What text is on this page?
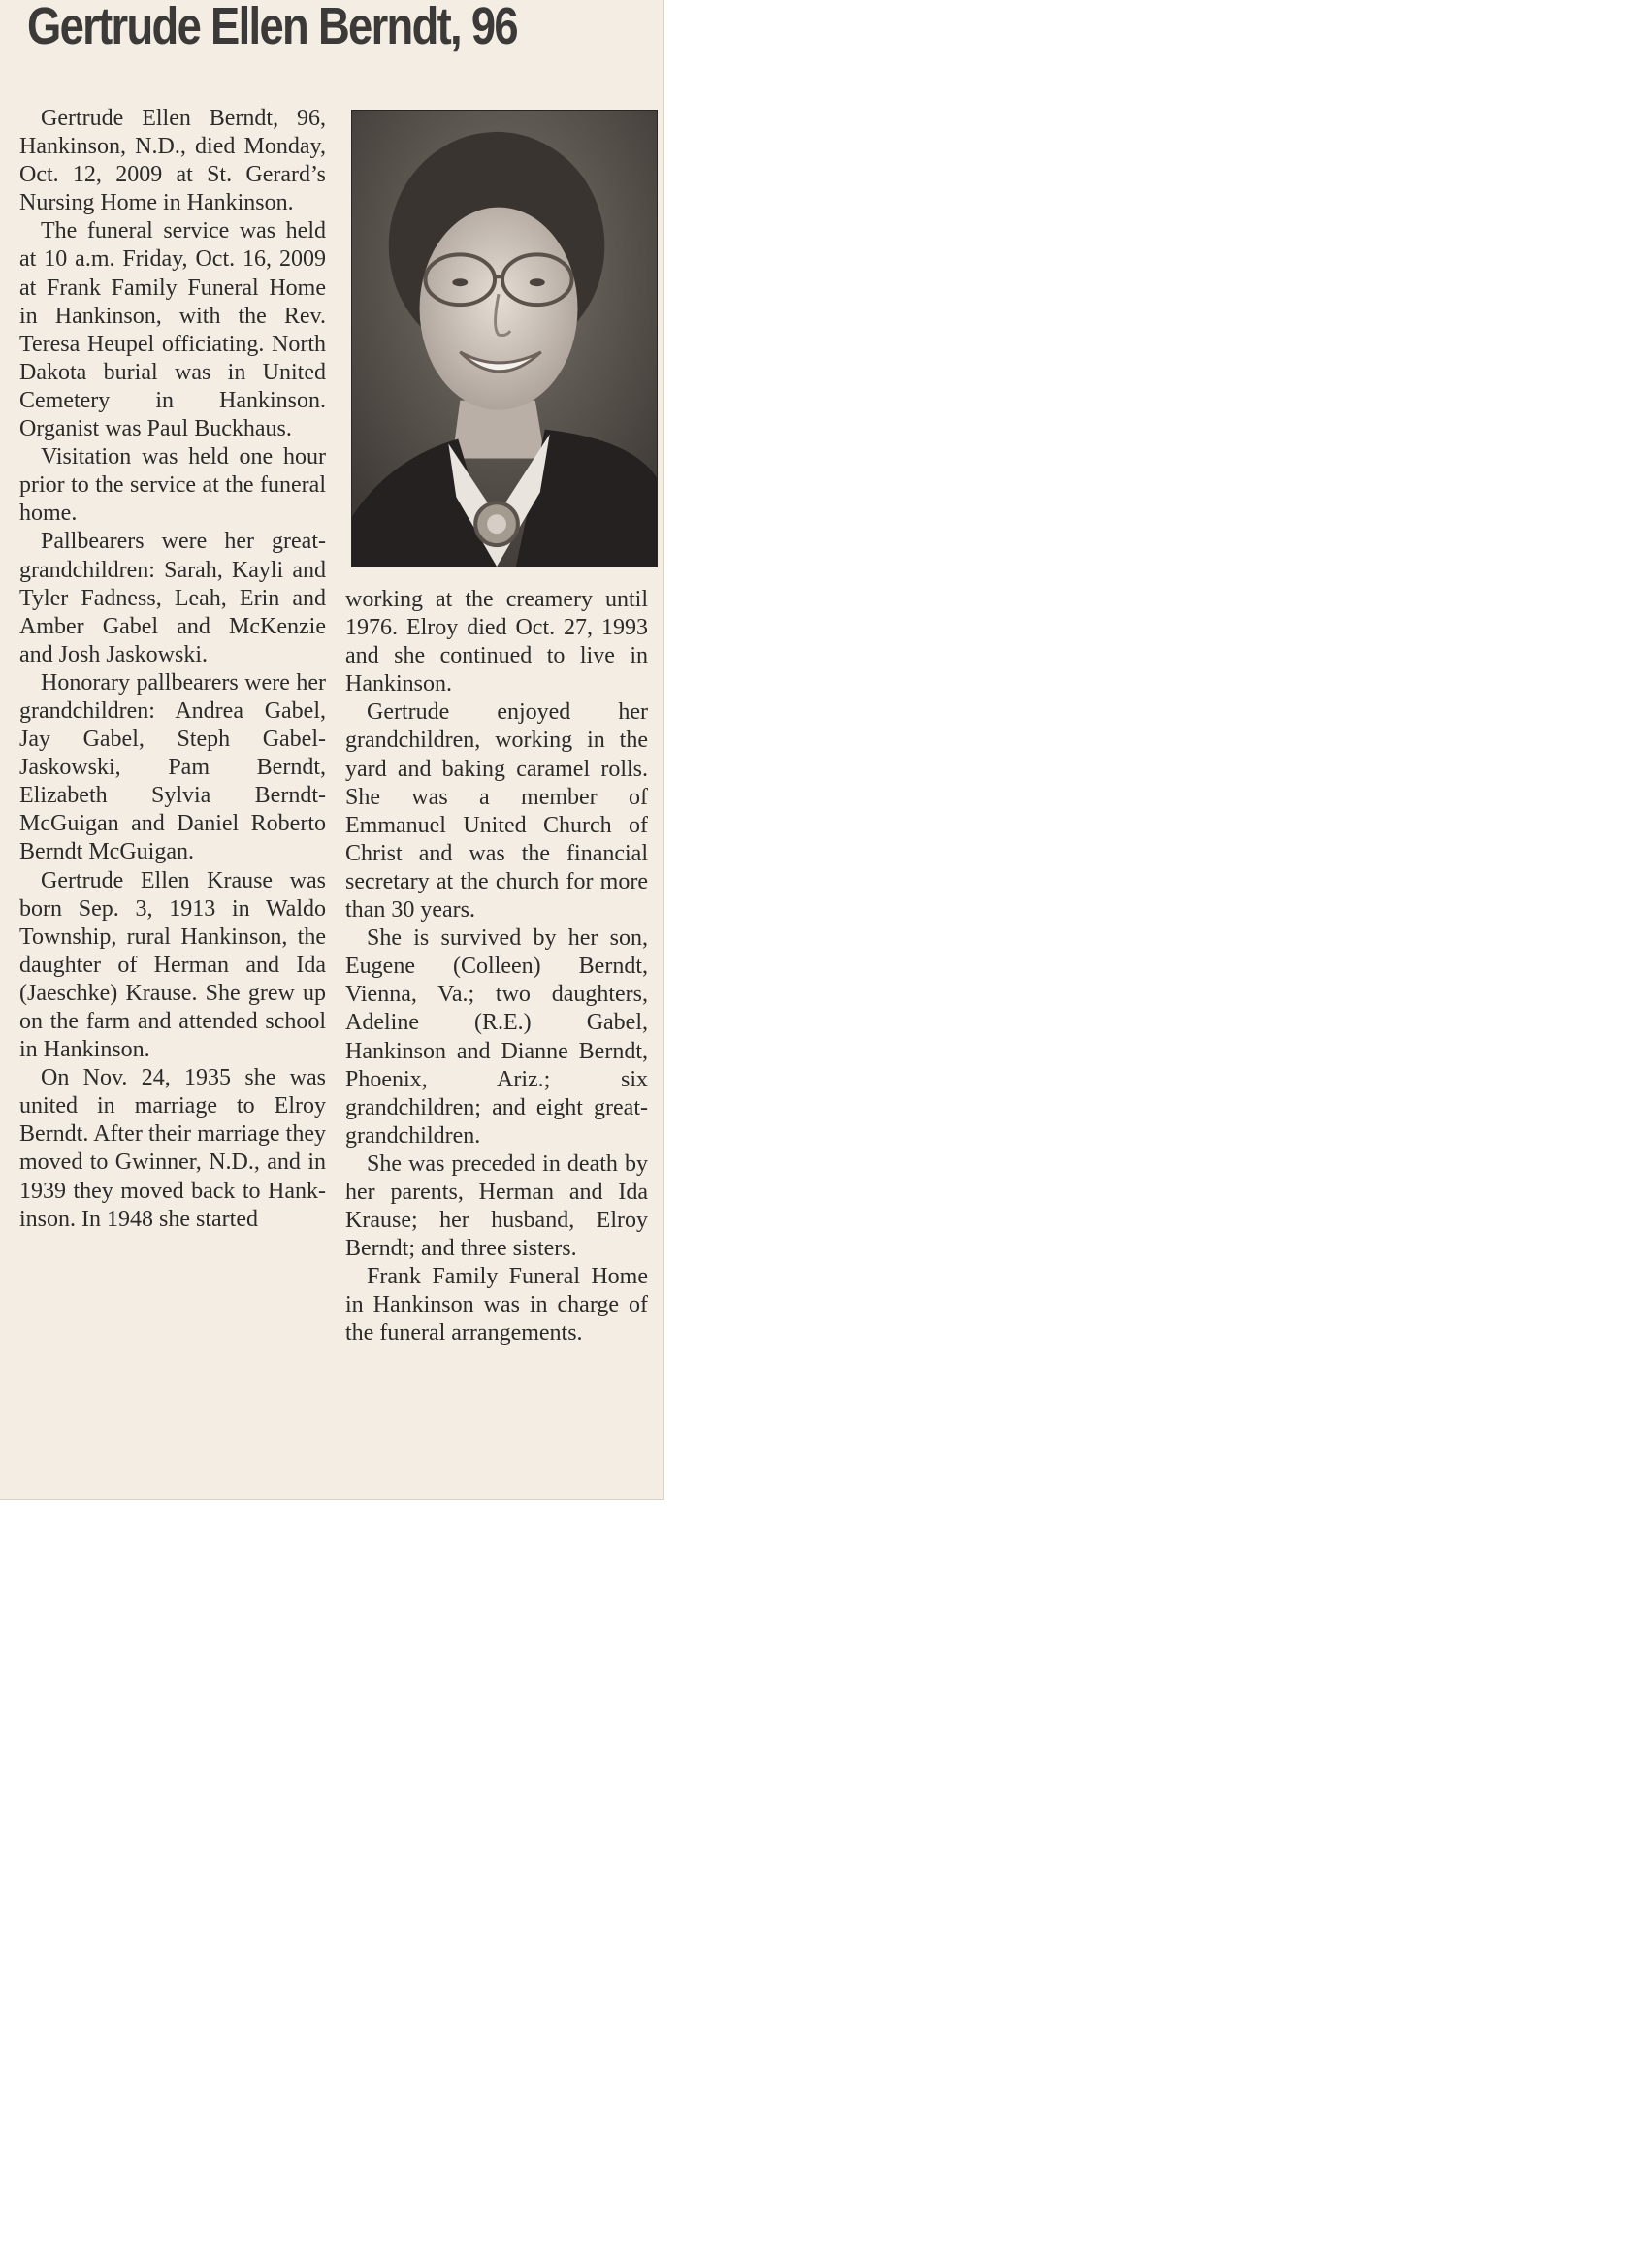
Gertrude Ellen Berndt, 96

Gertrude Ellen Berndt, 96, Hankinson, N.D., died Monday, Oct. 12, 2009 at St. Gerard’s Nursing Home in Hankinson.

The funeral service was held at 10 a.m. Friday, Oct. 16, 2009 at Frank Family Funeral Home in Hankinson, with the Rev. Teresa Heupel officiating. North Dakota burial was in United Cemetery in Hankinson. Organist was Paul Buckhaus.

Visitation was held one hour prior to the service at the funeral home.

Pallbearers were her great-grandchildren: Sarah, Kayli and Tyler Fadness, Leah, Erin and Amber Gabel and McKenzie and Josh Jaskowski.

Honorary pallbearers were her grandchildren: Andrea Gabel, Jay Gabel, Steph Gabel-Jaskowski, Pam Berndt, Elizabeth Sylvia Berndt-McGuigan and Daniel Roberto Berndt McGuigan.

Gertrude Ellen Krause was born Sep. 3, 1913 in Waldo Township, rural Hankinson, the daughter of Herman and Ida (Jaeschke) Krause. She grew up on the farm and attended school in Hankinson.

On Nov. 24, 1935 she was united in marriage to Elroy Berndt. After their marriage they moved to Gwinner, N.D., and in 1939 they moved back to Hankinson. In 1948 she started

working at the creamery until 1976. Elroy died Oct. 27, 1993 and she continued to live in Hankinson.

Gertrude enjoyed her grandchildren, working in the yard and baking caramel rolls. She was a member of Emmanuel United Church of Christ and was the financial secretary at the church for more than 30 years.

She is survived by her son, Eugene (Colleen) Berndt, Vienna, Va.; two daughters, Adeline (R.E.) Gabel, Hankinson and Dianne Berndt, Phoenix, Ariz.; six grandchildren; and eight great-grandchildren.

She was preceded in death by her parents, Herman and Ida Krause; her husband, Elroy Berndt; and three sisters.

Frank Family Funeral Home in Hankinson was in charge of the funeral arrangements.
